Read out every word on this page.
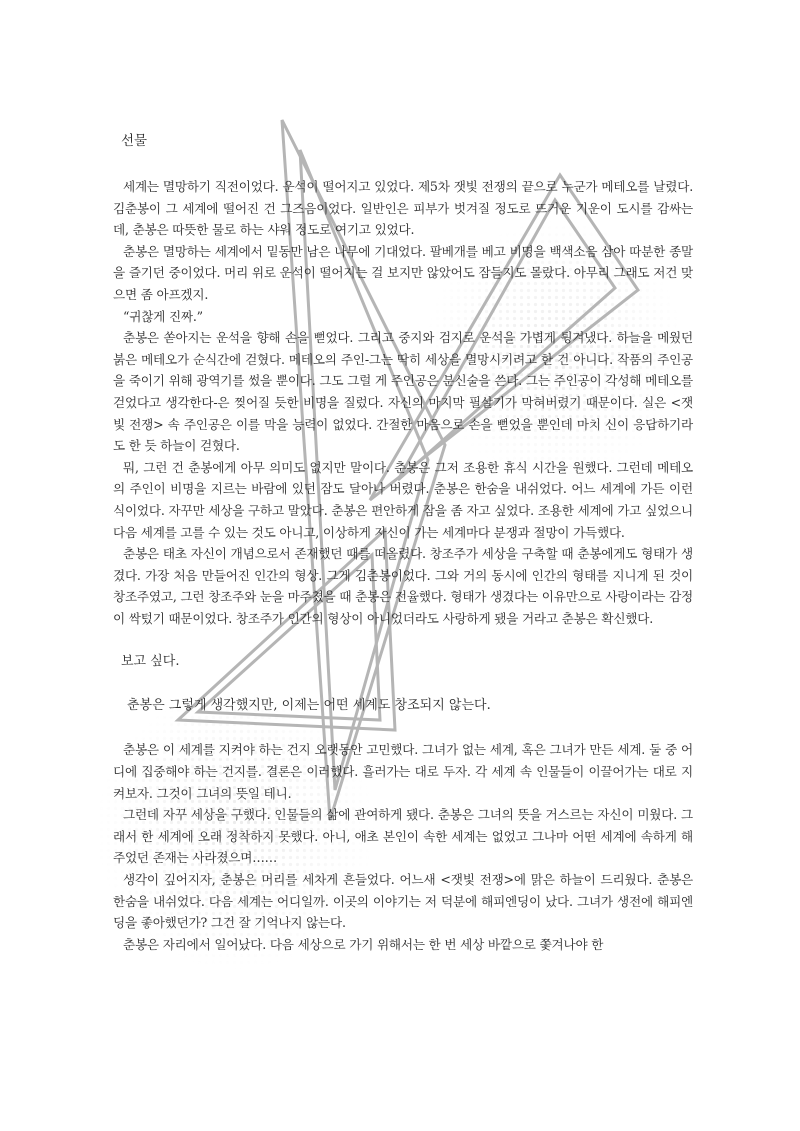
선물

세계는 멸망하기 직전이었다. 운석이 떨어지고 있었다. 제5차 잿빛 전쟁의 끝으로 누군가 메테오를 날렸다. 김춘봉이 그 세계에 떨어진 건 그즈음이었다. 일반인은 피부가 벗겨질 정도로 뜨거운 기운이 도시를 감싸는데, 춘봉은 따뜻한 물로 하는 샤워 정도로 여기고 있었다.

춘봉은 멸망하는 세계에서 밑동만 남은 나무에 기대었다. 팔베개를 베고 비명을 백색소음 삼아 따분한 종말을 즐기던 중이었다. 머리 위로 운석이 떨어지는 걸 보지만 않았어도 잠들지도 몰랐다. 아무리 그래도 저건 맞으면 좀 아프겠지.

“귀찮게 진짜.”

춘봉은 쏟아지는 운석을 향해 손을 뻗었다. 그리고 중지와 검지로 운석을 가볍게 튕겨냈다. 하늘을 메웠던 붉은 메테오가 순식간에 걷혔다. 메테오의 주인-그는 딱히 세상을 멸망시키려고 한 건 아니다. 작품의 주인공을 죽이기 위해 광역기를 썼을 뿐이다. 그도 그럴 게 주인공은 분신술을 쓴다. 그는 주인공이 각성해 메테오를 걷었다고 생각한다-은 찢어질 듯한 비명을 질렀다. 자신의 마지막 필살기가 막혀버렸기 때문이다. 실은 <잿빛 전쟁> 속 주인공은 이를 막을 능력이 없었다. 간절한 마음으로 손을 뻗었을 뿐인데 마치 신이 응답하기라도 한 듯 하늘이 걷혔다.

뭐, 그런 건 춘봉에게 아무 의미도 없지만 말이다. 춘봉은 그저 조용한 휴식 시간을 원했다. 그런데 메테오의 주인이 비명을 지르는 바람에 있던 잠도 달아나 버렸다. 춘봉은 한숨을 내쉬었다. 어느 세계에 가든 이런 식이었다. 자꾸만 세상을 구하고 말았다. 춘봉은 편안하게 잠을 좀 자고 싶었다. 조용한 세계에 가고 싶었으니 다음 세계를 고를 수 있는 것도 아니고, 이상하게 자신이 가는 세계마다 분쟁과 절망이 가득했다.

춘봉은 태초 자신이 개념으로서 존재했던 때를 떠올렸다. 창조주가 세상을 구축할 때 춘봉에게도 형태가 생겼다. 가장 처음 만들어진 인간의 형상. 그게 김춘봉이었다. 그와 거의 동시에 인간의 형태를 지니게 된 것이 창조주였고, 그런 창조주와 눈을 마주쳤을 때 춘봉은 전율했다. 형태가 생겼다는 이유만으로 사랑이라는 감정이 싹텄기 때문이었다. 창조주가 인간의 형상이 아니었더라도 사랑하게 됐을 거라고 춘봉은 확신했다.

보고 싶다.
춘봉은 그렇게 생각했지만, 이제는 어떤 세계도 창조되지 않는다.

춘봉은 이 세계를 지켜야 하는 건지 오랫동안 고민했다. 그녀가 없는 세계, 혹은 그녀가 만든 세계. 둘 중 어디에 집중해야 하는 건지를. 결론은 이러했다. 흘러가는 대로 두자. 각 세계 속 인물들이 이끌어가는 대로 지켜보자. 그것이 그녀의 뜻일 테니.

그런데 자꾸 세상을 구했다. 인물들의 삶에 관여하게 됐다. 춘봉은 그녀의 뜻을 거스르는 자신이 미웠다. 그래서 한 세계에 오래 정착하지 못했다. 아니, 애초 본인이 속한 세계는 없었고 그나마 어떤 세계에 속하게 해주었던 존재는 사라졌으며……

생각이 깊어지자, 춘봉은 머리를 세차게 흔들었다. 어느새 <잿빛 전쟁>에 맑은 하늘이 드리웠다. 춘봉은 한숨을 내쉬었다. 다음 세계는 어디일까. 이곳의 이야기는 저 덕분에 해피엔딩이 났다. 그녀가 생전에 해피엔딩을 좋아했던가? 그건 잘 기억나지 않는다.

춘봉은 자리에서 일어났다. 다음 세상으로 가기 위해서는 한 번 세상 바깥으로 쫓겨나야 한
